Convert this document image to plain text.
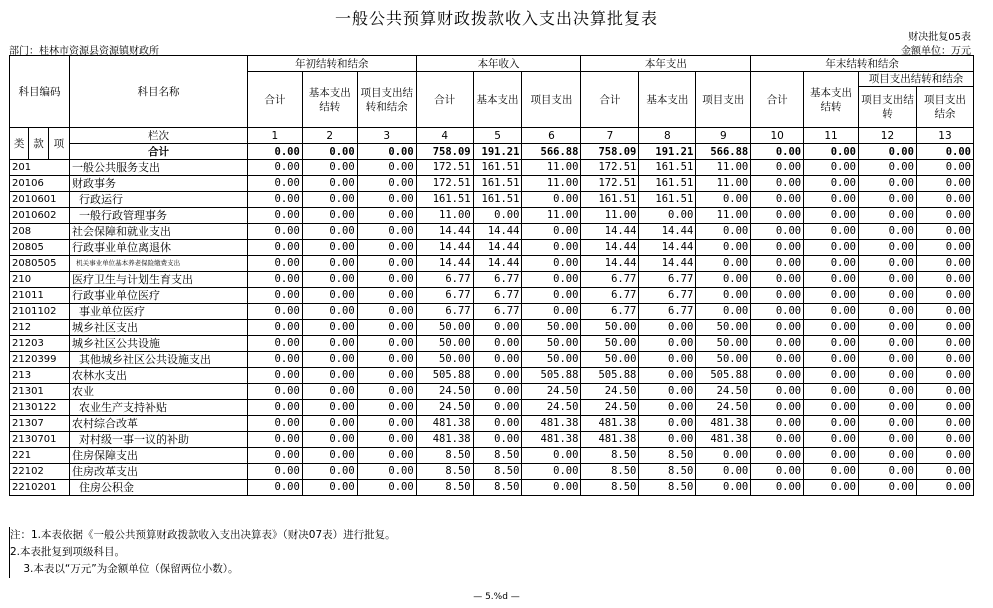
一般公共预算财政拨款收入支出决算批复表
财决批复05表
部门：桂林市资源县资源镇财政所	金额单位：万元
科目编码			科目名称	年初结转和结余			本年收入			本年支出			年末结转和结余			
				合计	基本支出结转	项目支出结转和结余	合计	基本支出	项目支出	合计	基本支出	项目支出	合计	基本支出结转	项目支出结转和结余	
															项目支出结转	项目支出结余

类	款	项	栏次	1	2	3	4	5	6	7	8	9	10	11	12	13
			合计	0.00	0.00	0.00	758.09	191.21	566.88	758.09	191.21	566.88	0.00	0.00	0.00	0.00
201			一般公共服务支出	0.00	0.00	0.00	172.51	161.51	11.00	172.51	161.51	11.00	0.00	0.00	0.00	0.00
20106			财政事务	0.00	0.00	0.00	172.51	161.51	11.00	172.51	161.51	11.00	0.00	0.00	0.00	0.00
2010601			行政运行	0.00	0.00	0.00	161.51	161.51	0.00	161.51	161.51	0.00	0.00	0.00	0.00	0.00
2010602			一般行政管理事务	0.00	0.00	0.00	11.00	0.00	11.00	11.00	0.00	11.00	0.00	0.00	0.00	0.00
208			社会保障和就业支出	0.00	0.00	0.00	14.44	14.44	0.00	14.44	14.44	0.00	0.00	0.00	0.00	0.00
20805			行政事业单位离退休	0.00	0.00	0.00	14.44	14.44	0.00	14.44	14.44	0.00	0.00	0.00	0.00	0.00
2080505			机关事业单位基本养老保险缴费支出	0.00	0.00	0.00	14.44	14.44	0.00	14.44	14.44	0.00	0.00	0.00	0.00	0.00
210			医疗卫生与计划生育支出	0.00	0.00	0.00	6.77	6.77	0.00	6.77	6.77	0.00	0.00	0.00	0.00	0.00
21011			行政事业单位医疗	0.00	0.00	0.00	6.77	6.77	0.00	6.77	6.77	0.00	0.00	0.00	0.00	0.00
2101102			事业单位医疗	0.00	0.00	0.00	6.77	6.77	0.00	6.77	6.77	0.00	0.00	0.00	0.00	0.00
212			城乡社区支出	0.00	0.00	0.00	50.00	0.00	50.00	50.00	0.00	50.00	0.00	0.00	0.00	0.00
21203			城乡社区公共设施	0.00	0.00	0.00	50.00	0.00	50.00	50.00	0.00	50.00	0.00	0.00	0.00	0.00
2120399			其他城乡社区公共设施支出	0.00	0.00	0.00	50.00	0.00	50.00	50.00	0.00	50.00	0.00	0.00	0.00	0.00
213			农林水支出	0.00	0.00	0.00	505.88	0.00	505.88	505.88	0.00	505.88	0.00	0.00	0.00	0.00
21301			农业	0.00	0.00	0.00	24.50	0.00	24.50	24.50	0.00	24.50	0.00	0.00	0.00	0.00
2130122			农业生产支持补贴	0.00	0.00	0.00	24.50	0.00	24.50	24.50	0.00	24.50	0.00	0.00	0.00	0.00
21307			农村综合改革	0.00	0.00	0.00	481.38	0.00	481.38	481.38	0.00	481.38	0.00	0.00	0.00	0.00
2130701			对村级一事一议的补助	0.00	0.00	0.00	481.38	0.00	481.38	481.38	0.00	481.38	0.00	0.00	0.00	0.00
221			住房保障支出	0.00	0.00	0.00	8.50	8.50	0.00	8.50	8.50	0.00	0.00	0.00	0.00	0.00
22102			住房改革支出	0.00	0.00	0.00	8.50	8.50	0.00	8.50	8.50	0.00	0.00	0.00	0.00	0.00
2210201			住房公积金	0.00	0.00	0.00	8.50	8.50	0.00	8.50	8.50	0.00	0.00	0.00	0.00	0.00
注：1.本表依据《一般公共预算财政拨款收入支出决算表》（财决07表）进行批复。
2.本表批复到项级科目。
3.本表以“万元”为金额单位（保留两位小数）。
— 5.%d —
